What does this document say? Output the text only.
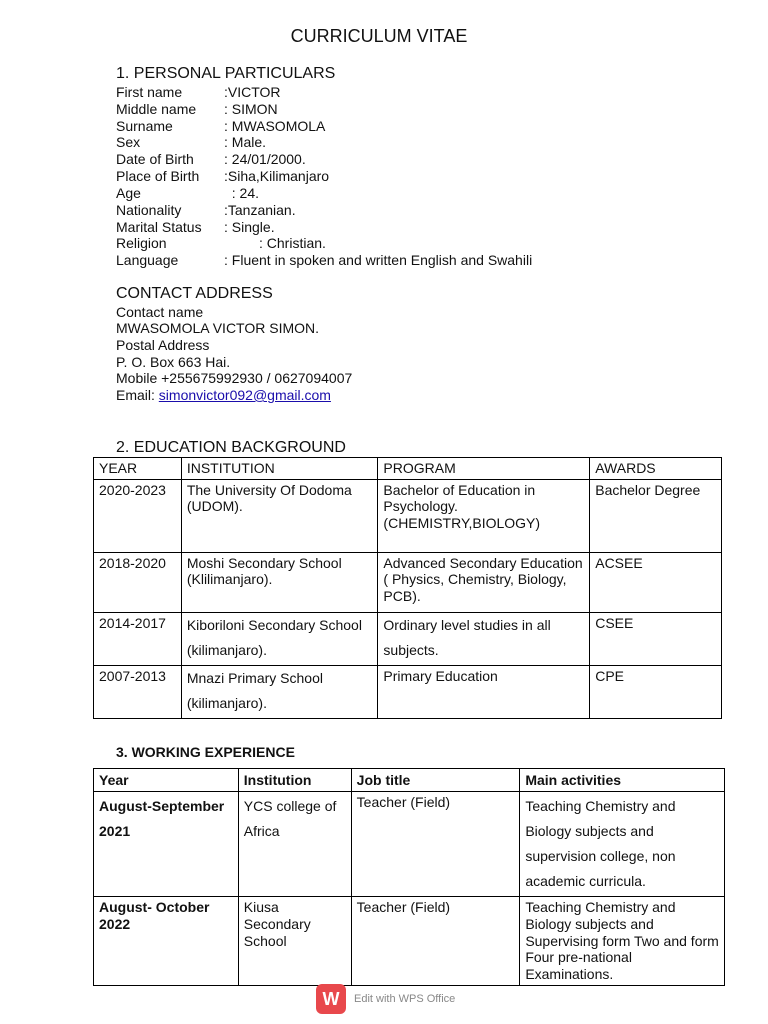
CURRICULUM VITAE
1. PERSONAL PARTICULARS
First name	:VICTOR
Middle name : SIMON
Surname	: MWASOMOLA
Sex	: Male.
Date of Birth : 24/01/2000.
Place of Birth :Siha,Kilimanjaro
Age	: 24.
Nationality	:Tanzanian.
Marital Status : Single.
Religion	: Christian.
Language	: Fluent in spoken and written English and Swahili
CONTACT ADDRESS
Contact name
MWASOMOLA VICTOR SIMON.
Postal Address
P. O. Box 663 Hai.
Mobile +255675992930 / 0627094007
Email: simonvictor092@gmail.com
2. EDUCATION BACKGROUND
YEAR	INSTITUTION	PROGRAM	AWARDS
2020-2023	The University Of Dodoma (UDOM).	Bachelor of Education in Psychology. (CHEMISTRY,BIOLOGY)	Bachelor Degree
2018-2020	Moshi Secondary School (Klilimanjaro).	Advanced Secondary Education ( Physics, Chemistry, Biology, PCB).	ACSEE
2014-2017	Kiboriloni Secondary School (kilimanjaro).	Ordinary level studies in all subjects.	CSEE
2007-2013	Mnazi Primary School (kilimanjaro).	Primary Education	CPE
3. WORKING EXPERIENCE
Year	Institution	Job title	Main activities
August-September 2021	YCS college of Africa	Teacher (Field)	Teaching Chemistry and Biology subjects and supervision college, non academic curricula.
August- October 2022	Kiusa Secondary School	Teacher (Field)	Teaching Chemistry and Biology subjects and Supervising form Two and form Four pre-national Examinations.
W	Edit with WPS Office
